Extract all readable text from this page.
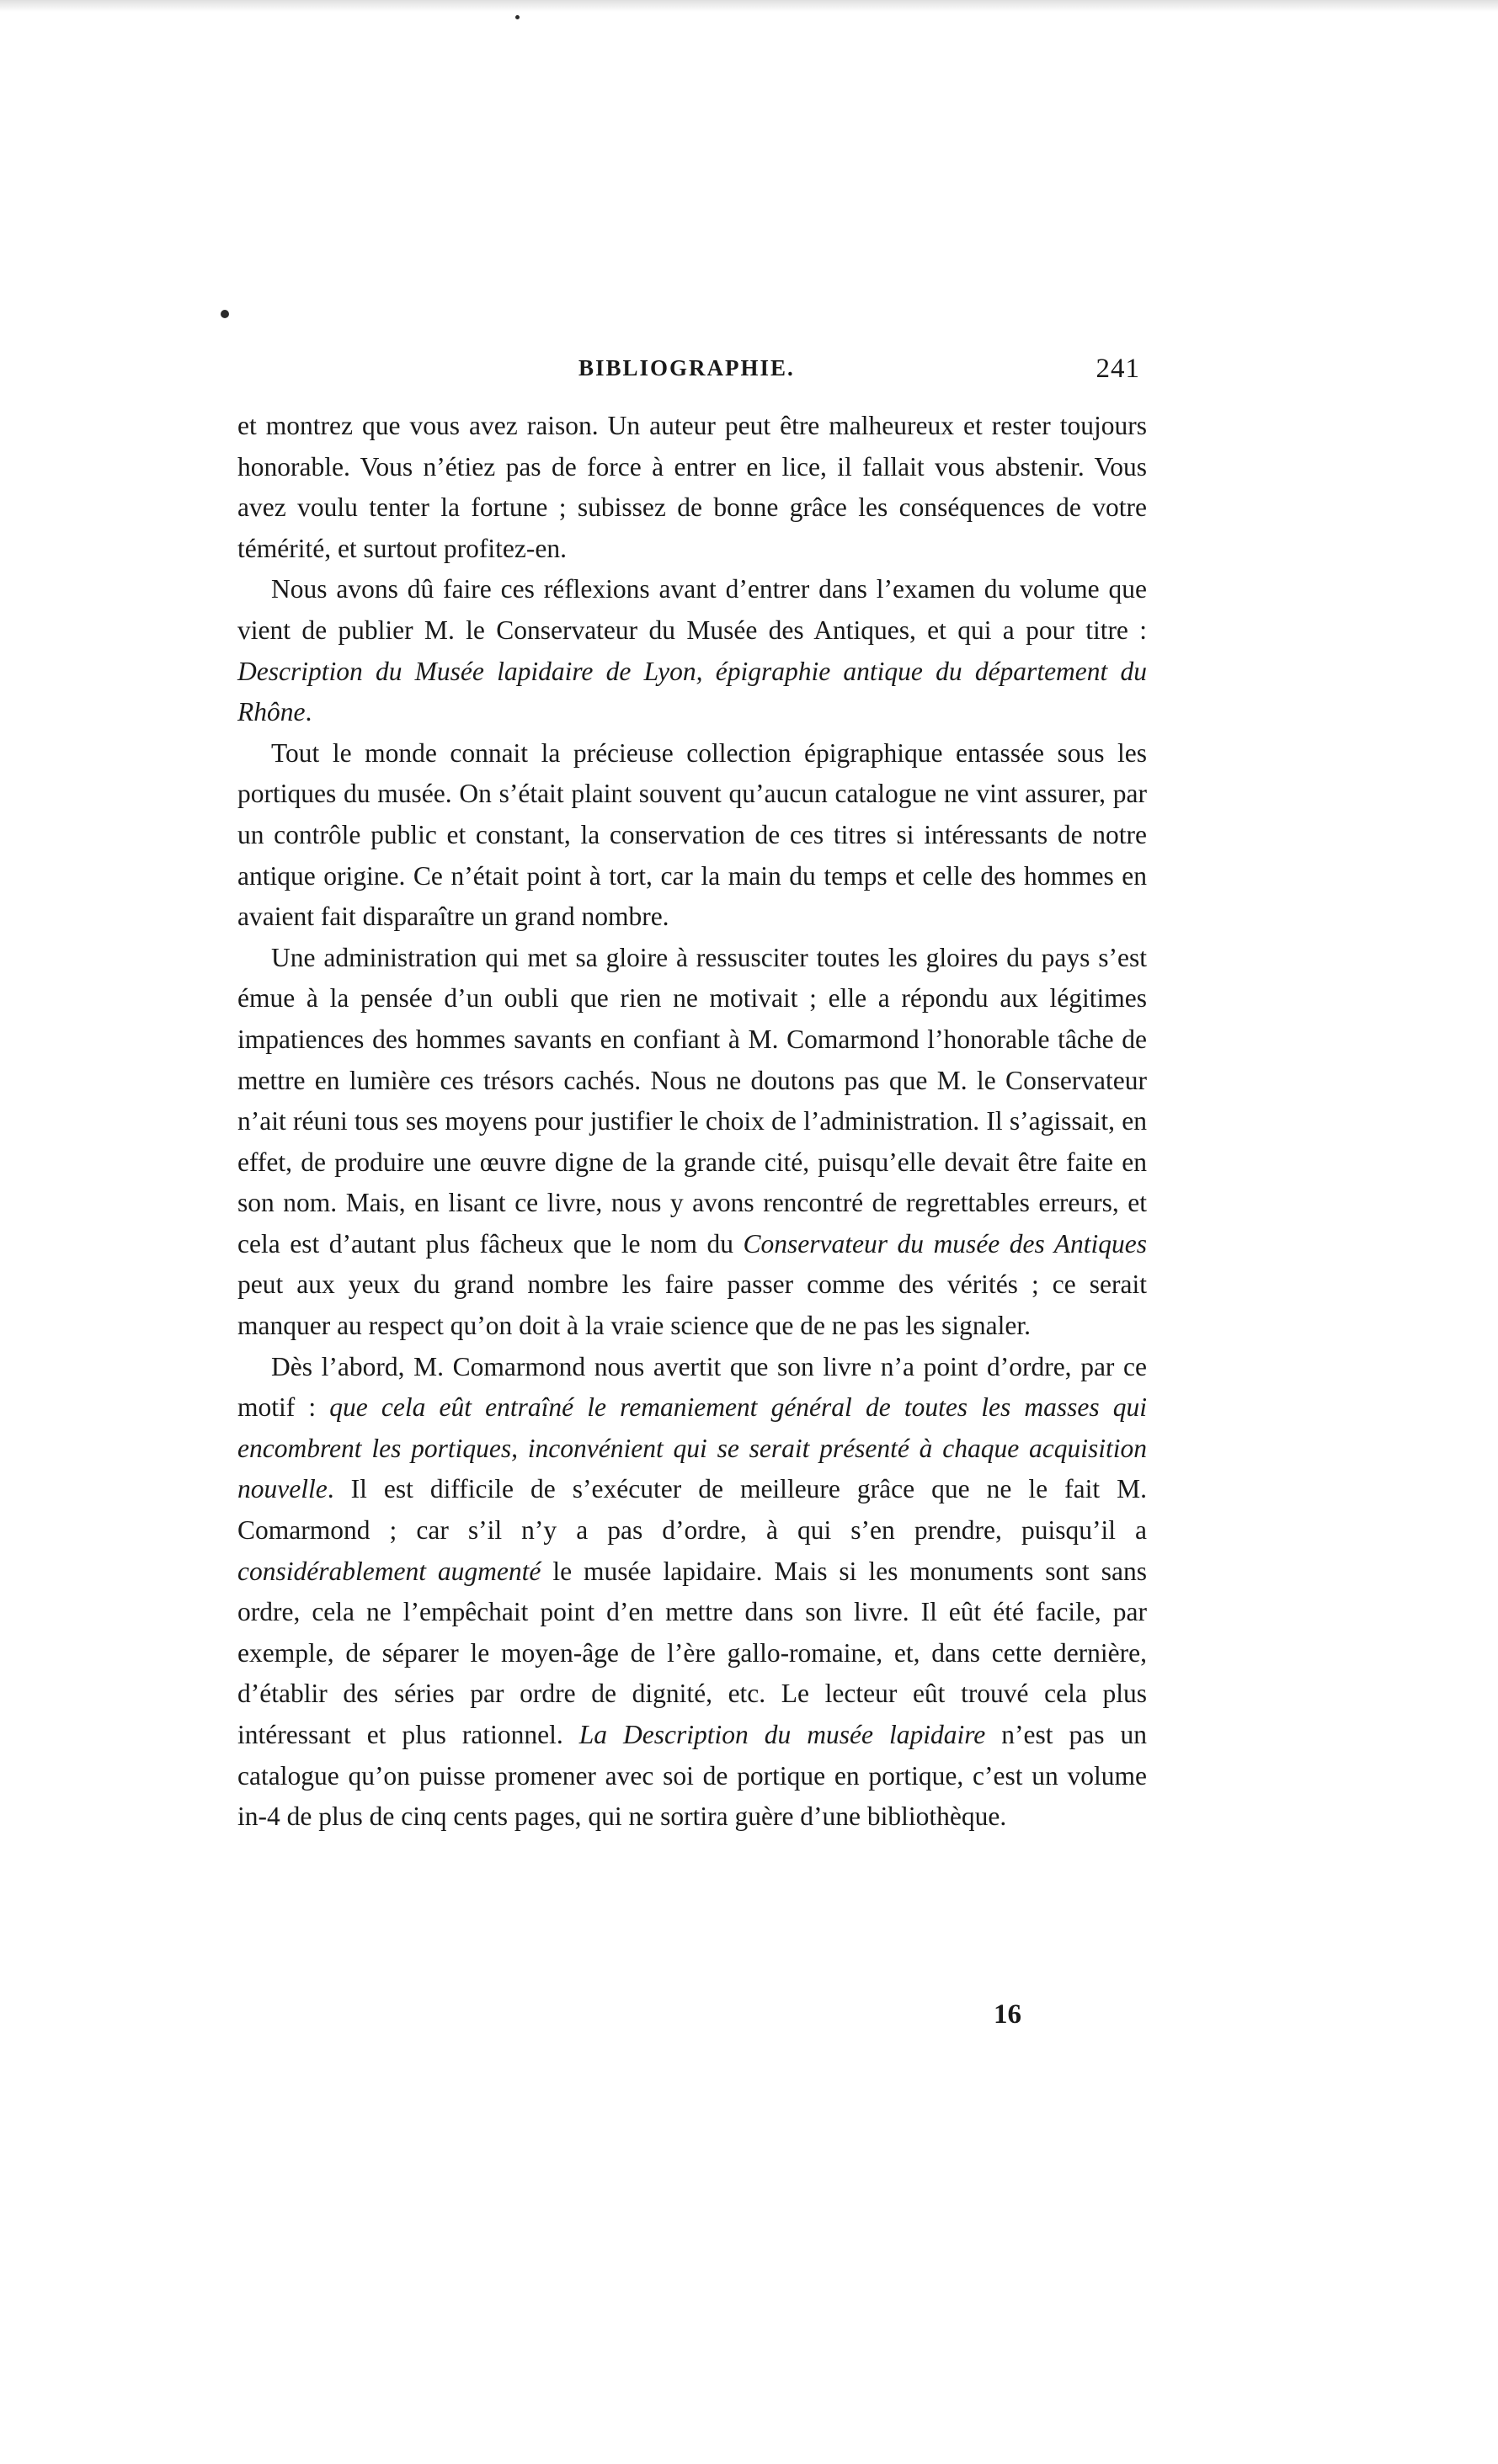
BIBLIOGRAPHIE.	241

et montrez que vous avez raison. Un auteur peut être malheureux et rester toujours honorable. Vous n’étiez pas de force à entrer en lice, il fallait vous abstenir. Vous avez voulu tenter la fortune ; subissez de bonne grâce les conséquences de votre témérité, et surtout profitez-en.

Nous avons dû faire ces réflexions avant d’entrer dans l’examen du volume que vient de publier M. le Conservateur du Musée des Antiques, et qui a pour titre : Description du Musée lapidaire de Lyon, épigraphie antique du département du Rhône.

Tout le monde connait la précieuse collection épigraphique entassée sous les portiques du musée. On s’était plaint souvent qu’aucun catalogue ne vint assurer, par un contrôle public et constant, la conservation de ces titres si intéressants de notre antique origine. Ce n’était point à tort, car la main du temps et celle des hommes en avaient fait disparaître un grand nombre.

Une administration qui met sa gloire à ressusciter toutes les gloires du pays s’est émue à la pensée d’un oubli que rien ne motivait ; elle a répondu aux légitimes impatiences des hommes savants en confiant à M. Comarmond l’honorable tâche de mettre en lumière ces trésors cachés. Nous ne doutons pas que M. le Conservateur n’ait réuni tous ses moyens pour justifier le choix de l’administration. Il s’agissait, en effet, de produire une œuvre digne de la grande cité, puisqu’elle devait être faite en son nom. Mais, en lisant ce livre, nous y avons rencontré de regrettables erreurs, et cela est d’autant plus fâcheux que le nom du Conservateur du musée des Antiques peut aux yeux du grand nombre les faire passer comme des vérités ; ce serait manquer au respect qu’on doit à la vraie science que de ne pas les signaler.

Dès l’abord, M. Comarmond nous avertit que son livre n’a point d’ordre, par ce motif : que cela eût entraîné le remaniement général de toutes les masses qui encombrent les portiques, inconvénient qui se serait présenté à chaque acquisition nouvelle. Il est difficile de s’exécuter de meilleure grâce que ne le fait M. Comarmond ; car s’il n’y a pas d’ordre, à qui s’en prendre, puisqu’il a considérablement augmenté le musée lapidaire. Mais si les monuments sont sans ordre, cela ne l’empêchait point d’en mettre dans son livre. Il eût été facile, par exemple, de séparer le moyen-âge de l’ère gallo-romaine, et, dans cette dernière, d’établir des séries par ordre de dignité, etc. Le lecteur eût trouvé cela plus intéressant et plus rationnel. La Description du musée lapidaire n’est pas un catalogue qu’on puisse promener avec soi de portique en portique, c’est un volume in-4 de plus de cinq cents pages, qui ne sortira guère d’une bibliothèque.

16
